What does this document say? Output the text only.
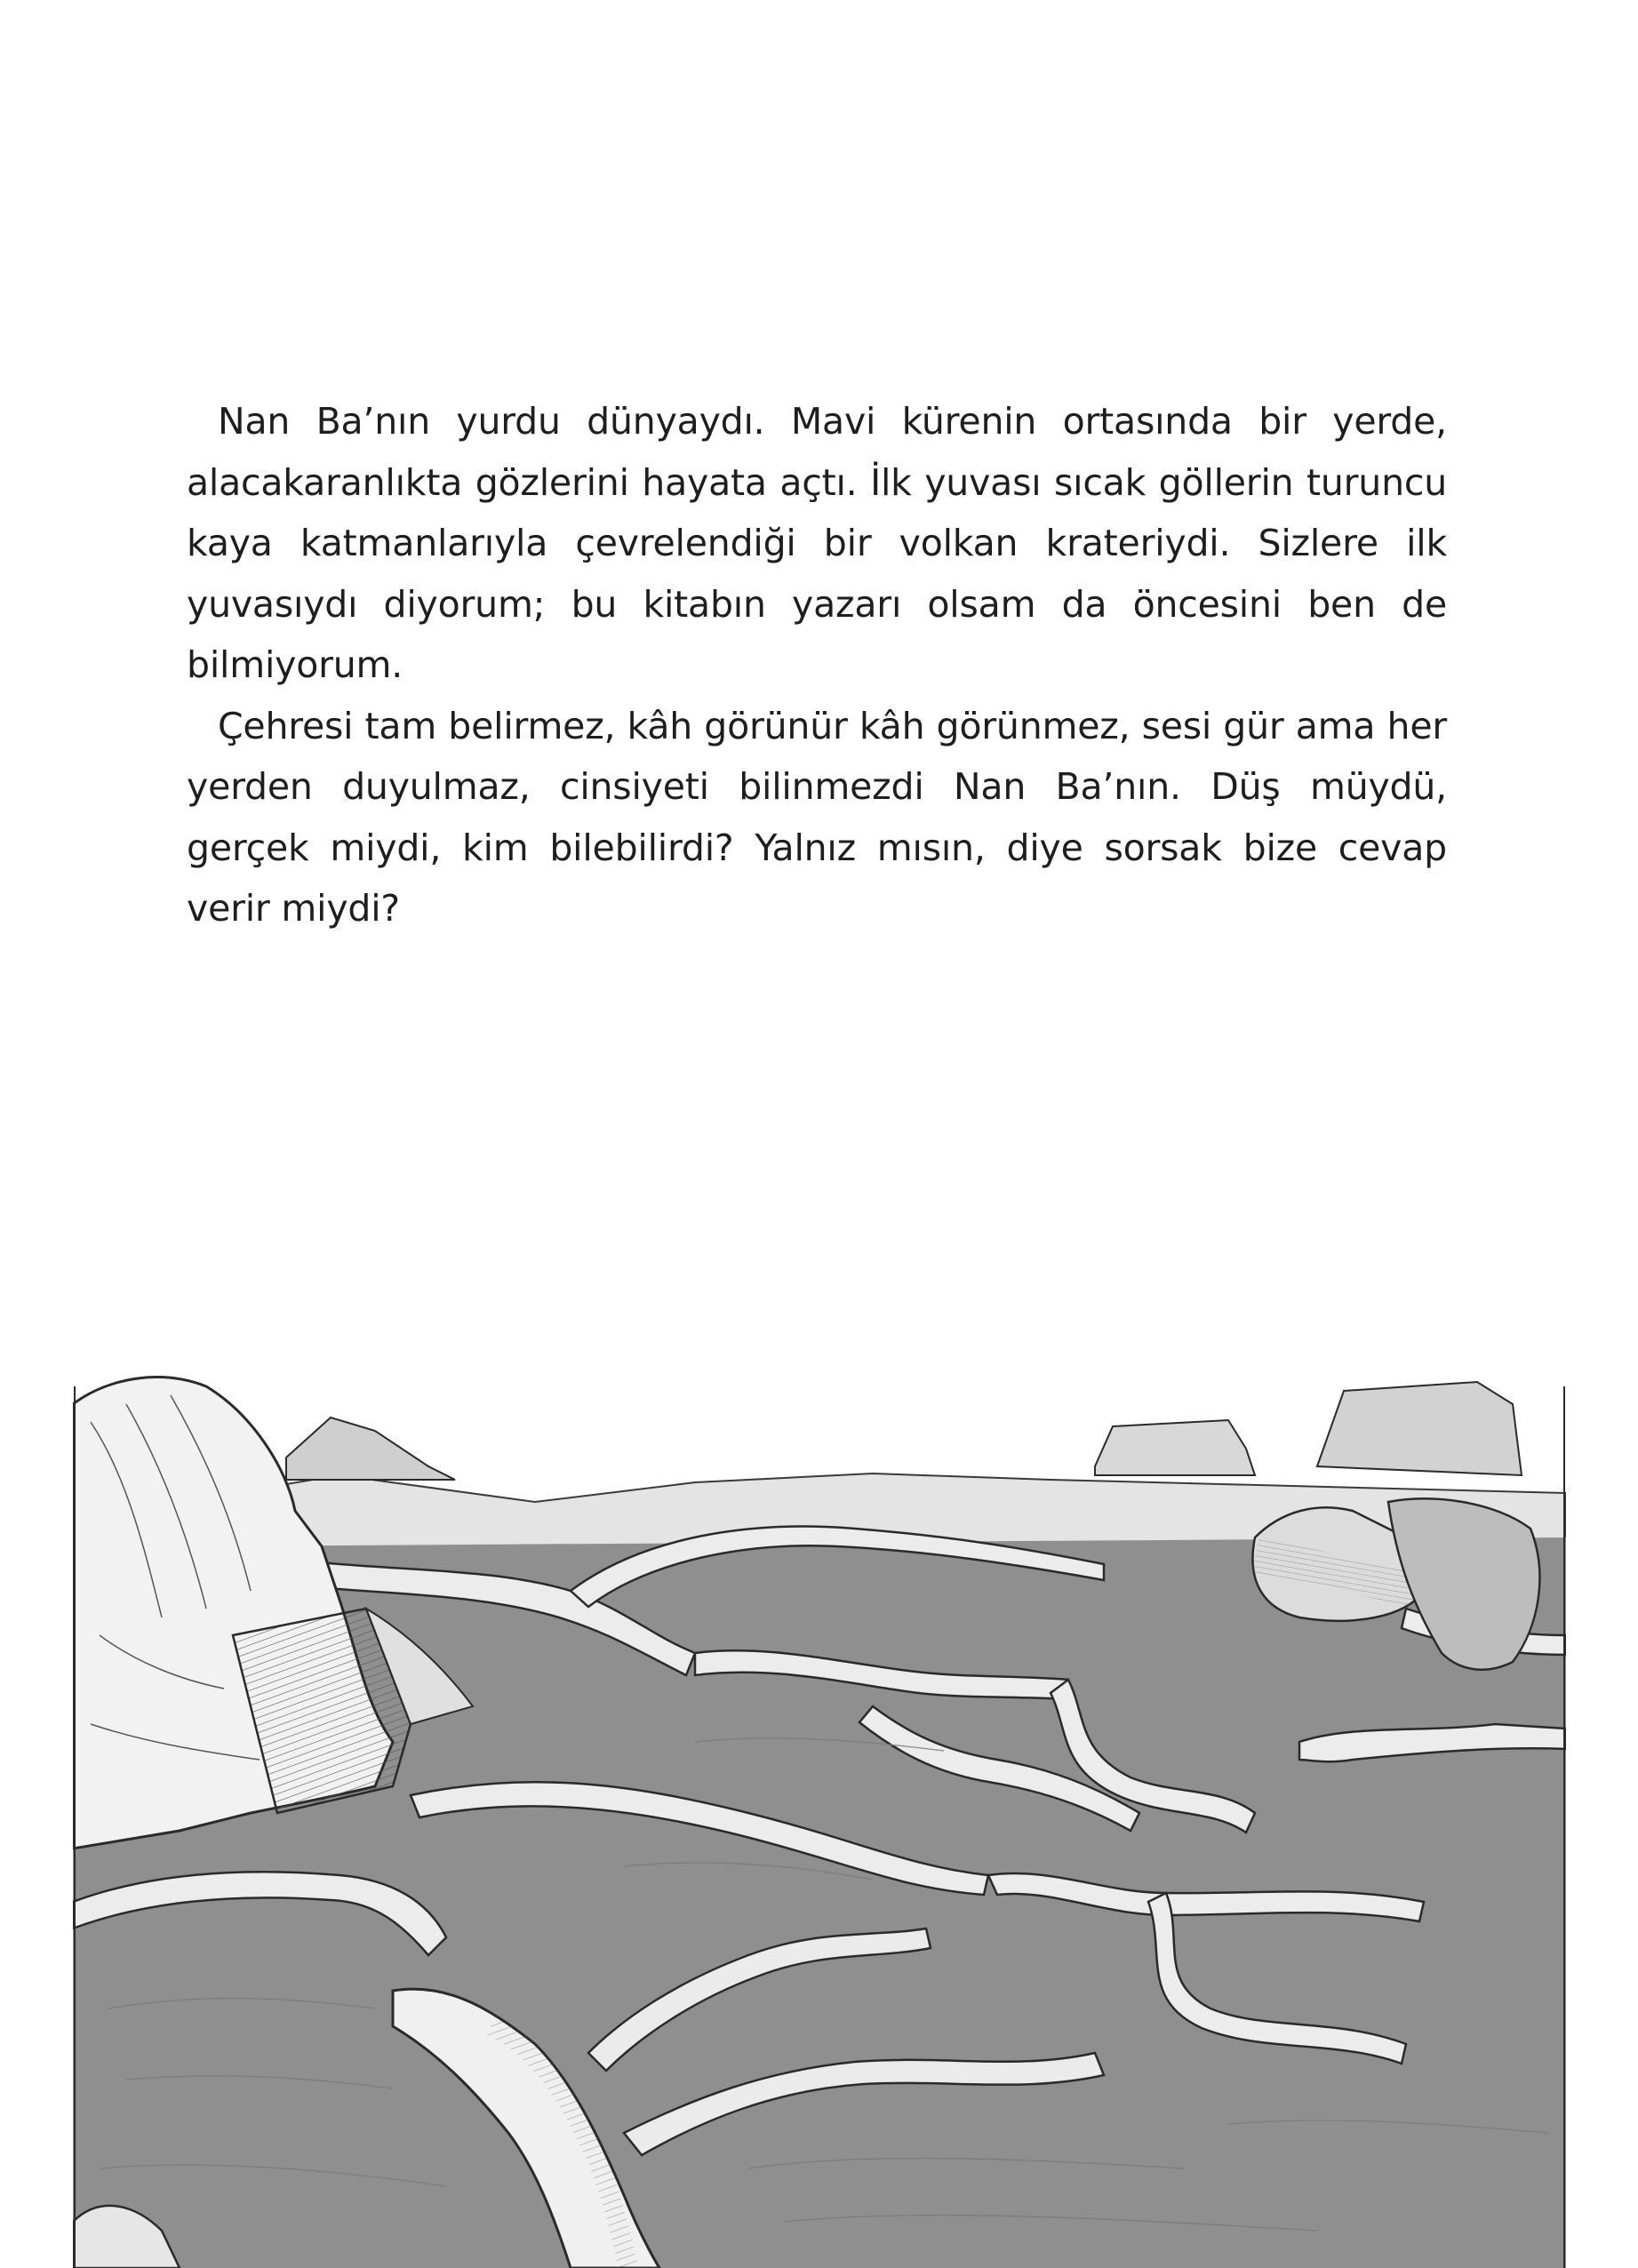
Nan Ba’nın yurdu dünyaydı. Mavi kürenin ortasında bir yerde, alacakaranlıkta gözlerini hayata açtı. İlk yuvası sıcak göllerin turuncu kaya katmanlarıyla çevrelendiği bir volkan krateriydi. Sizlere ilk yuvasıydı diyorum; bu kitabın yazarı olsam da öncesini ben de bilmiyorum.

Çehresi tam belirmez, kâh görünür kâh görünmez, sesi gür ama her yerden duyulmaz, cinsiyeti bilinmezdi Nan Ba’nın. Düş müydü, gerçek miydi, kim bilebilirdi? Yalnız mısın, diye sorsak bize cevap verir miydi?
